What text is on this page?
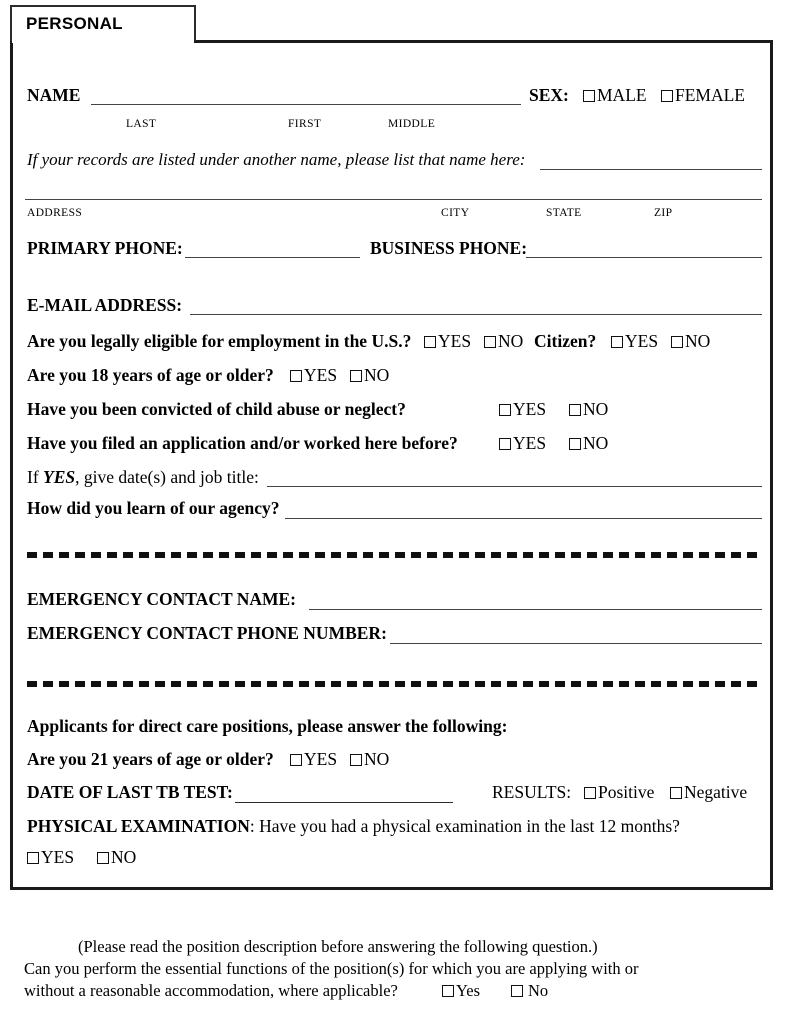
PERSONAL
NAME	SEX:	MALE	FEMALE
LAST	FIRST	MIDDLE
If your records are listed under another name, please list that name here:
ADDRESS	CITY	STATE	ZIP
PRIMARY PHONE:	BUSINESS PHONE:
E-MAIL ADDRESS:
Are you legally eligible for employment in the U.S.?	YES	NO Citizen?	YES	NO
Are you 18 years of age or older?	YES	NO
Have you been convicted of child abuse or neglect?	YES	NO
Have you filed an application and/or worked here before?	YES	NO
If YES, give date(s) and job title:
How did you learn of our agency?
EMERGENCY CONTACT NAME:
EMERGENCY CONTACT PHONE NUMBER:
Applicants for direct care positions, please answer the following:
Are you 21 years of age or older?	YES	NO
DATE OF LAST TB TEST:	RESULTS:	Positive	Negative
PHYSICAL EXAMINATION: Have you had a physical examination in the last 12 months?
YES	NO
(Please read the position description before answering the following question.)
Can you perform the essential functions of the position(s) for which you are applying with or
without a reasonable accommodation, where applicable?	Yes	No
